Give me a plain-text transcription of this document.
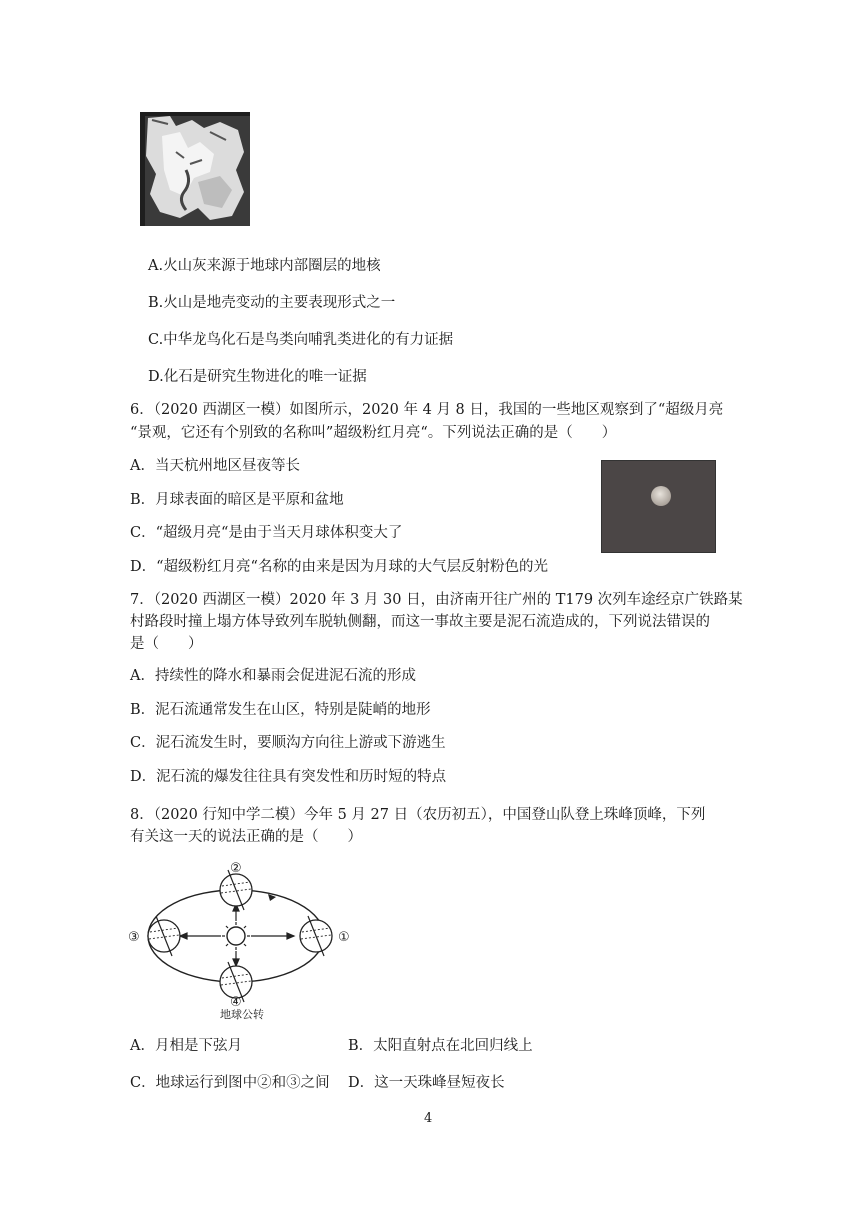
A.火山灰来源于地球内部圈层的地核
B.火山是地壳变动的主要表现形式之一
C.中华龙鸟化石是鸟类向哺乳类进化的有力证据
D.化石是研究生物进化的唯一证据
6．（2020 西湖区一模）如图所示，2020 年 4 月 8 日，我国的一些地区观察到了“超级月亮
“景观，它还有个别致的名称叫”超级粉红月亮“。下列说法正确的是（　　）
A．当天杭州地区昼夜等长
B．月球表面的暗区是平原和盆地
C．“超级月亮“是由于当天月球体积变大了
D．“超级粉红月亮“名称的由来是因为月球的大气层反射粉色的光
7．（2020 西湖区一模）2020 年 3 月 30 日，由济南开往广州的 T179 次列车途经京广铁路某
村路段时撞上塌方体导致列车脱轨侧翻，而这一事故主要是泥石流造成的，下列说法错误的
是（　　）
A．持续性的降水和暴雨会促进泥石流的形成
B．泥石流通常发生在山区，特别是陡峭的地形
C．泥石流发生时，要顺沟方向往上游或下游逃生
D．泥石流的爆发往往具有突发性和历时短的特点
8．（2020 行知中学二模）今年 5 月 27 日（农历初五），中国登山队登上珠峰顶峰，下列
有关这一天的说法正确的是（　　）
①
②
③
④
地球公转
A．月相是下弦月	B．太阳直射点在北回归线上
C．地球运行到图中②和③之间 D．这一天珠峰昼短夜长
4
